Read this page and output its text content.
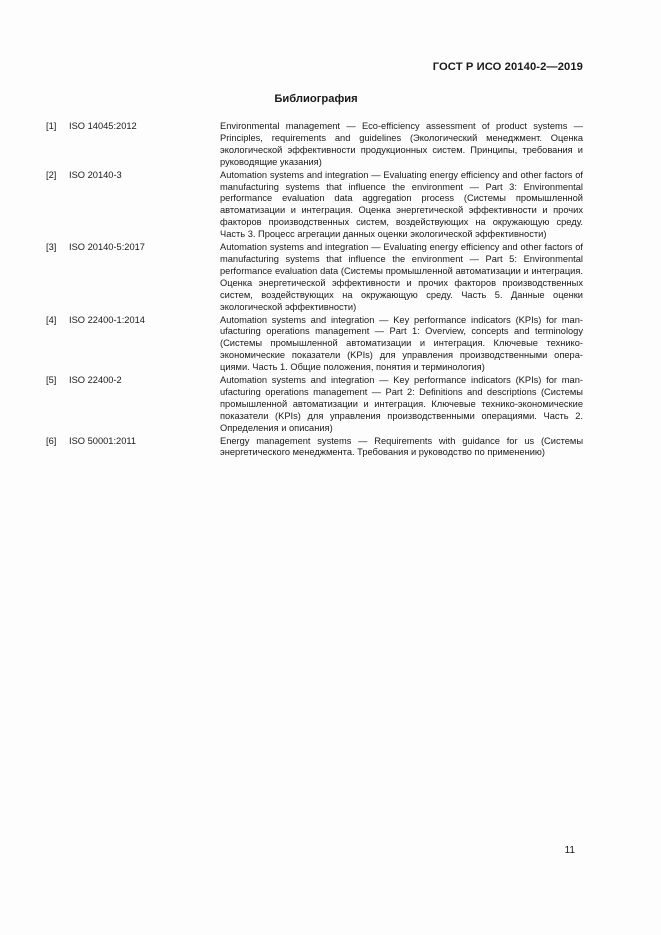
ГОСТ Р ИСО 20140-2—2019
Библиография
[1]	ISO 14045:2012	Environmental management — Eco-efficiency assessment of product systems — Principles, requirements and guidelines (Экологический менеджмент. Оценка экологической эффективности продукционных систем. Принципы, требования и руководящие указания)
[2]	ISO 20140-3	Automation systems and integration — Evaluating energy efficiency and other factors of manufacturing systems that influence the environment — Part 3: Environmental performance evaluation data aggregation process (Системы промышленной автоматизации и интеграция. Оценка энергетической эффективности и прочих факторов производственных систем, воздействующих на окружающую среду. Часть 3. Процесс агрегации данных оценки экологической эффективности)
[3]	ISO 20140-5:2017	Automation systems and integration — Evaluating energy efficiency and other factors of manufacturing systems that influence the environment — Part 5: Environmental performance evaluation data (Системы промышленной автоматизации и интеграция. Оценка энергетической эффективности и прочих факторов производственных систем, воздействующих на окружающую среду. Часть 5. Данные оценки экологической эффективности)
[4]	ISO 22400-1:2014	Automation systems and integration — Key performance indicators (KPIs) for manufacturing operations management — Part 1: Overview, concepts and terminology (Системы промышленной автоматизации и интеграция. Ключевые технико-экономические показатели (KPIs) для управления производственными операциями. Часть 1. Общие положения, понятия и терминология)
[5]	ISO 22400-2	Automation systems and integration — Key performance indicators (KPIs) for manufacturing operations management — Part 2: Definitions and descriptions (Системы промышленной автоматизации и интеграция. Ключевые технико-экономические показатели (KPIs) для управления производственными операциями. Часть 2. Определения и описания)
[6]	ISO 50001:2011	Energy management systems — Requirements with guidance for us (Системы энергетического менеджмента. Требования и руководство по применению)
11
